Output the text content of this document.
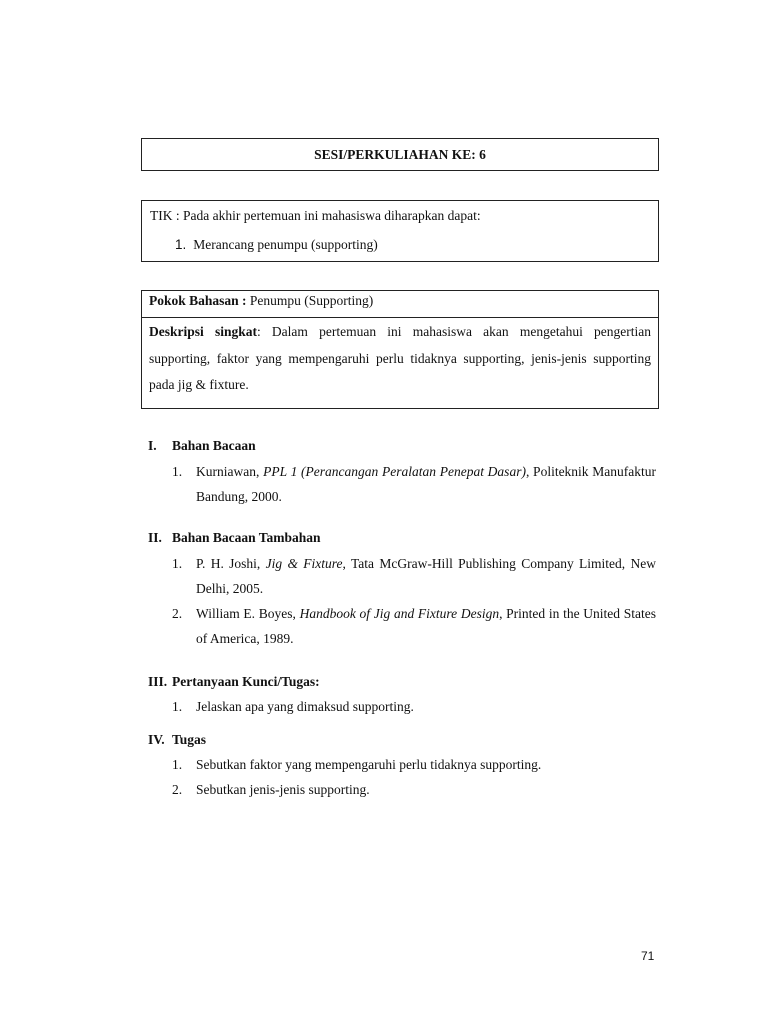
SESI/PERKULIAHAN KE: 6
TIK : Pada akhir pertemuan ini mahasiswa diharapkan dapat:
1. Merancang penumpu (supporting)
Pokok Bahasan : Penumpu (Supporting)
Deskripsi singkat: Dalam pertemuan ini mahasiswa akan mengetahui pengertian supporting, faktor yang mempengaruhi perlu tidaknya supporting, jenis-jenis supporting pada jig & fixture.
I. Bahan Bacaan
1. Kurniawan, PPL 1 (Perancangan Peralatan Penepat Dasar), Politeknik Manufaktur Bandung, 2000.
II. Bahan Bacaan Tambahan
1. P. H. Joshi, Jig & Fixture, Tata McGraw-Hill Publishing Company Limited, New Delhi, 2005.
2. William E. Boyes, Handbook of Jig and Fixture Design, Printed in the United States of America, 1989.
III. Pertanyaan Kunci/Tugas:
1. Jelaskan apa yang dimaksud supporting.
IV. Tugas
1. Sebutkan faktor yang mempengaruhi perlu tidaknya supporting.
2. Sebutkan jenis-jenis supporting.
71
